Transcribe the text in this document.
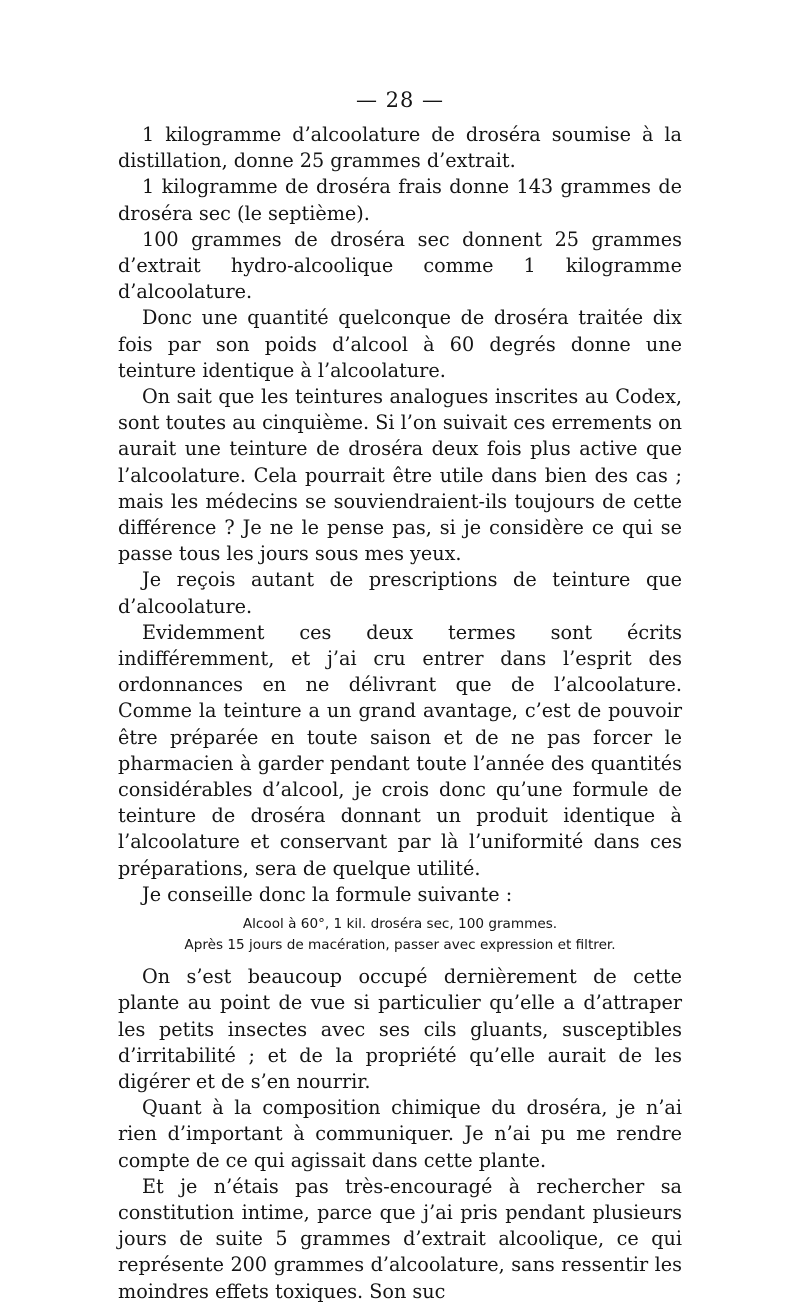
— 28 —

1 kilogramme d’alcoolature de droséra soumise à la distillation, donne 25 grammes d’extrait.

1 kilogramme de droséra frais donne 143 grammes de droséra sec (le septième).

100 grammes de droséra sec donnent 25 grammes d’extrait hydro-alcoolique comme 1 kilogramme d’alcoolature.

Donc une quantité quelconque de droséra traitée dix fois par son poids d’alcool à 60 degrés donne une teinture identique à l’alcoolature.

On sait que les teintures analogues inscrites au Codex, sont toutes au cinquième. Si l’on suivait ces errements on aurait une teinture de droséra deux fois plus active que l’alcoolature. Cela pourrait être utile dans bien des cas ; mais les médecins se souviendraient-ils toujours de cette différence ? Je ne le pense pas, si je considère ce qui se passe tous les jours sous mes yeux.

Je reçois autant de prescriptions de teinture que d’alcoolature.

Evidemment ces deux termes sont écrits indifféremment, et j’ai cru entrer dans l’esprit des ordonnances en ne délivrant que de l’alcoolature. Comme la teinture a un grand avantage, c’est de pouvoir être préparée en toute saison et de ne pas forcer le pharmacien à garder pendant toute l’année des quantités considérables d’alcool, je crois donc qu’une formule de teinture de droséra donnant un produit identique à l’alcoolature et conservant par là l’uniformité dans ces préparations, sera de quelque utilité.

Je conseille donc la formule suivante :

Alcool à 60°, 1 kil. droséra sec, 100 grammes.
Après 15 jours de macération, passer avec expression et filtrer.

On s’est beaucoup occupé dernièrement de cette plante au point de vue si particulier qu’elle a d’attraper les petits insectes avec ses cils gluants, susceptibles d’irritabilité ; et de la propriété qu’elle aurait de les digérer et de s’en nourrir.

Quant à la composition chimique du droséra, je n’ai rien d’important à communiquer. Je n’ai pu me rendre compte de ce qui agissait dans cette plante.

Et je n’étais pas très-encouragé à rechercher sa constitution intime, parce que j’ai pris pendant plusieurs jours de suite 5 grammes d’extrait alcoolique, ce qui représente 200 grammes d’alcoolature, sans ressentir les moindres effets toxiques. Son suc
